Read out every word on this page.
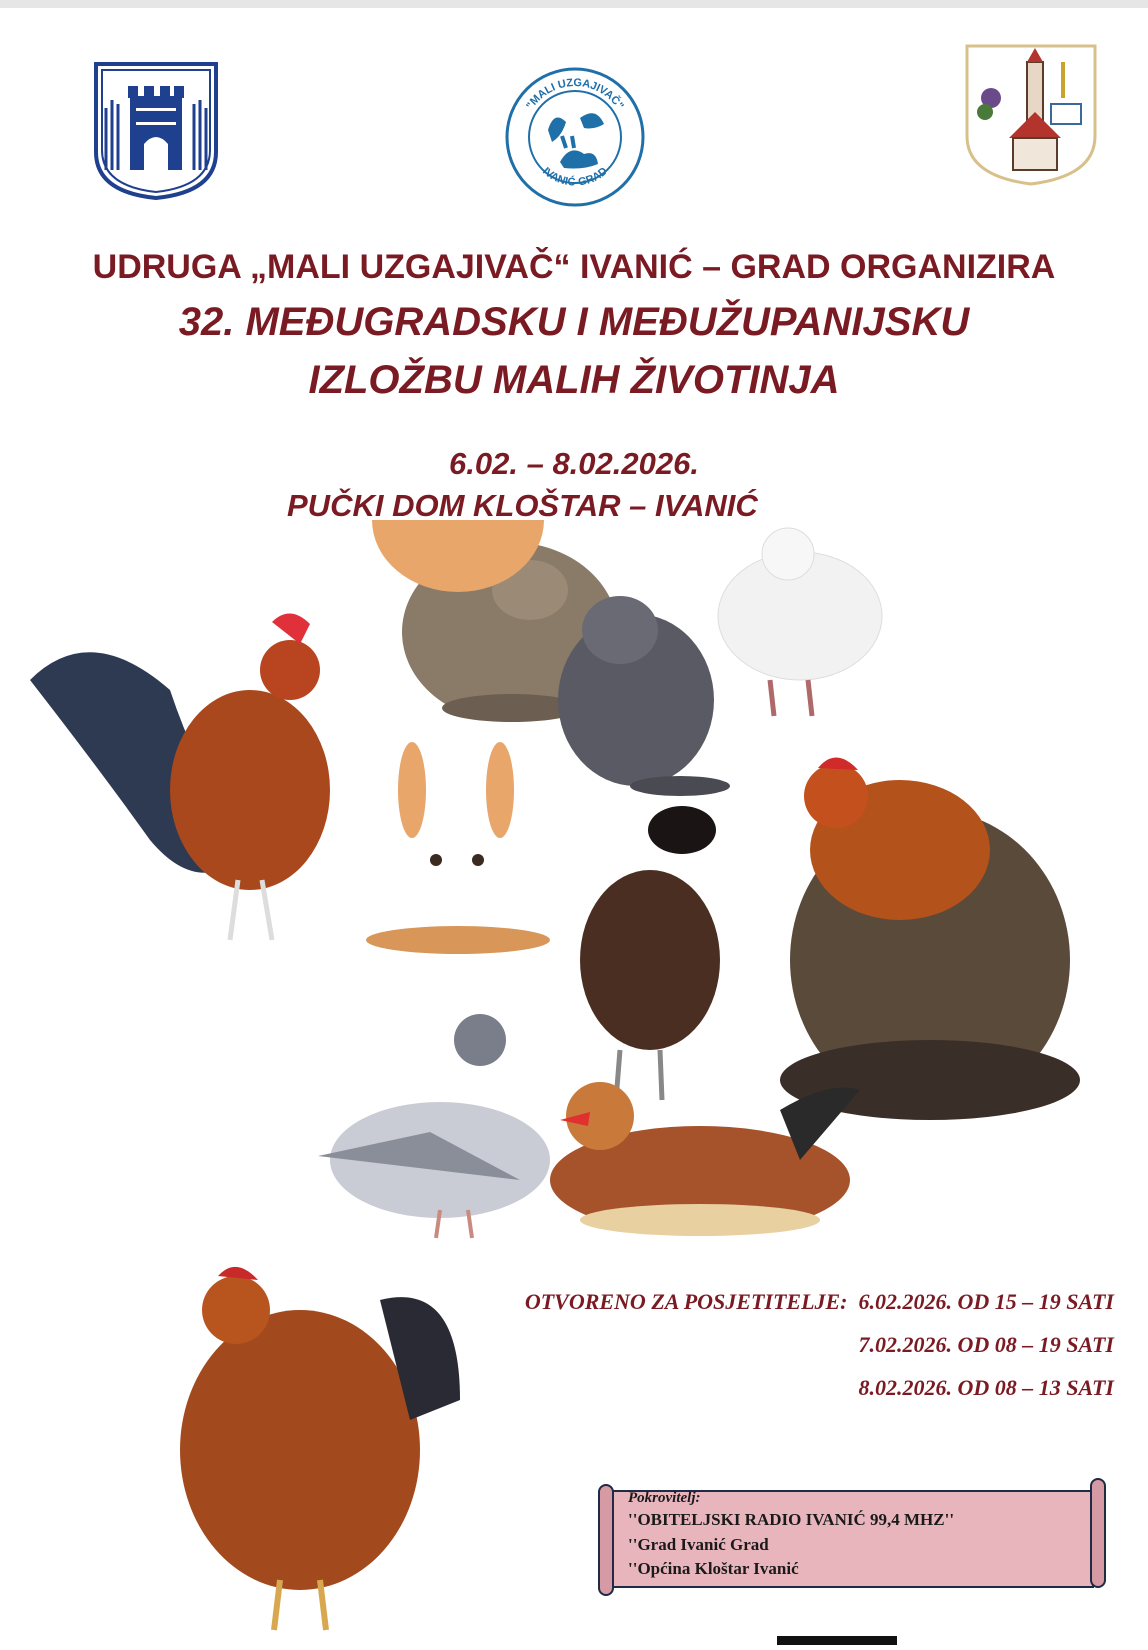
"MALI UZGAJIVAČ"
IVANIĆ-GRAD
UDRUGA „MALI UZGAJIVAČ“ IVANIĆ – GRAD ORGANIZIRA
32. MEĐUGRADSKU I MEĐUŽUPANIJSKU
IZLOŽBU MALIH ŽIVOTINJA
6.02. – 8.02.2026.
PUČKI DOM KLOŠTAR – IVANIĆ
OTVORENO ZA POSJETITELJE: 6.02.2026. OD 15 – 19 SATI
7.02.2026. OD 08 – 19 SATI
8.02.2026. OD 08 – 13 SATI
Pokrovitelj:
''OBITELJSKI RADIO IVANIĆ 99,4 MHZ''
''Grad Ivanić Grad
''Općina Kloštar Ivanić
